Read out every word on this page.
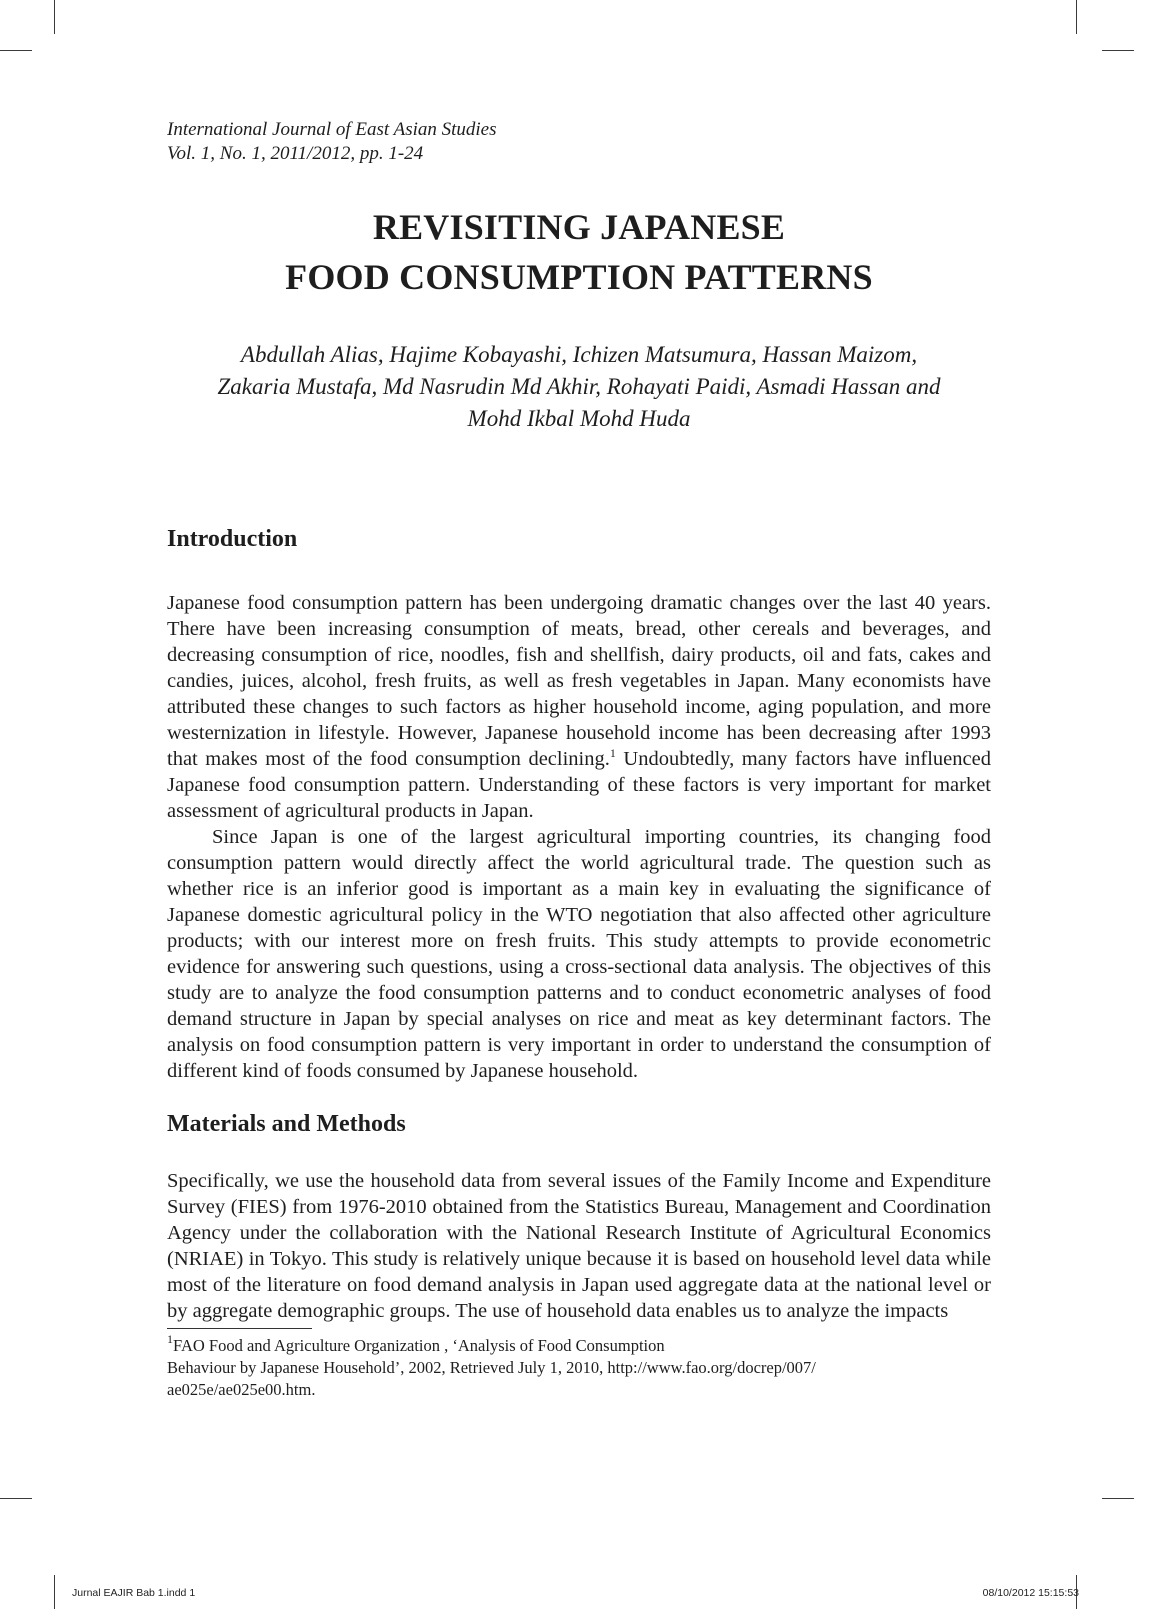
International Journal of East Asian Studies

Vol. 1, No. 1, 2011/2012, pp. 1-24

REVISITING JAPANESE
FOOD CONSUMPTION PATTERNS

Abdullah Alias, Hajime Kobayashi, Ichizen Matsumura, Hassan Maizom,
Zakaria Mustafa, Md Nasrudin Md Akhir, Rohayati Paidi, Asmadi Hassan and
Mohd Ikbal Mohd Huda

Introduction

Japanese food consumption pattern has been undergoing dramatic changes over the last 40 years. There have been increasing consumption of meats, bread, other cereals and beverages, and decreasing consumption of rice, noodles, fish and shellfish, dairy products, oil and fats, cakes and candies, juices, alcohol, fresh fruits, as well as fresh vegetables in Japan. Many economists have attributed these changes to such factors as higher household income, aging population, and more westernization in lifestyle. However, Japanese household income has been decreasing after 1993 that makes most of the food consumption declining.$^1$ Undoubtedly, many factors have influenced Japanese food consumption pattern. Understanding of these factors is very important for market assessment of agricultural products in Japan.

Since Japan is one of the largest agricultural importing countries, its changing food consumption pattern would directly affect the world agricultural trade. The question such as whether rice is an inferior good is important as a main key in evaluating the significance of Japanese domestic agricultural policy in the WTO negotiation that also affected other agriculture products; with our interest more on fresh fruits. This study attempts to provide econometric evidence for answering such questions, using a cross-sectional data analysis. The objectives of this study are to analyze the food consumption patterns and to conduct econometric analyses of food demand structure in Japan by special analyses on rice and meat as key determinant factors. The analysis on food consumption pattern is very important in order to understand the consumption of different kind of foods consumed by Japanese household.

Materials and Methods

Specifically, we use the household data from several issues of the Family Income and Expenditure Survey (FIES) from 1976-2010 obtained from the Statistics Bureau, Management and Coordination Agency under the collaboration with the National Research Institute of Agricultural Economics (NRIAE) in Tokyo. This study is relatively unique because it is based on household level data while most of the literature on food demand analysis in Japan used aggregate data at the national level or by aggregate demographic groups. The use of household data enables us to analyze the impacts

$^1$FAO Food and Agriculture Organization , ‘Analysis of Food Consumption
Behaviour by Japanese Household’, 2002, Retrieved July 1, 2010, http://www.fao.org/docrep/007/
ae025e/ae025e00.htm.

Jurnal EAJIR Bab 1.indd 1	08/10/2012 15:15:53
